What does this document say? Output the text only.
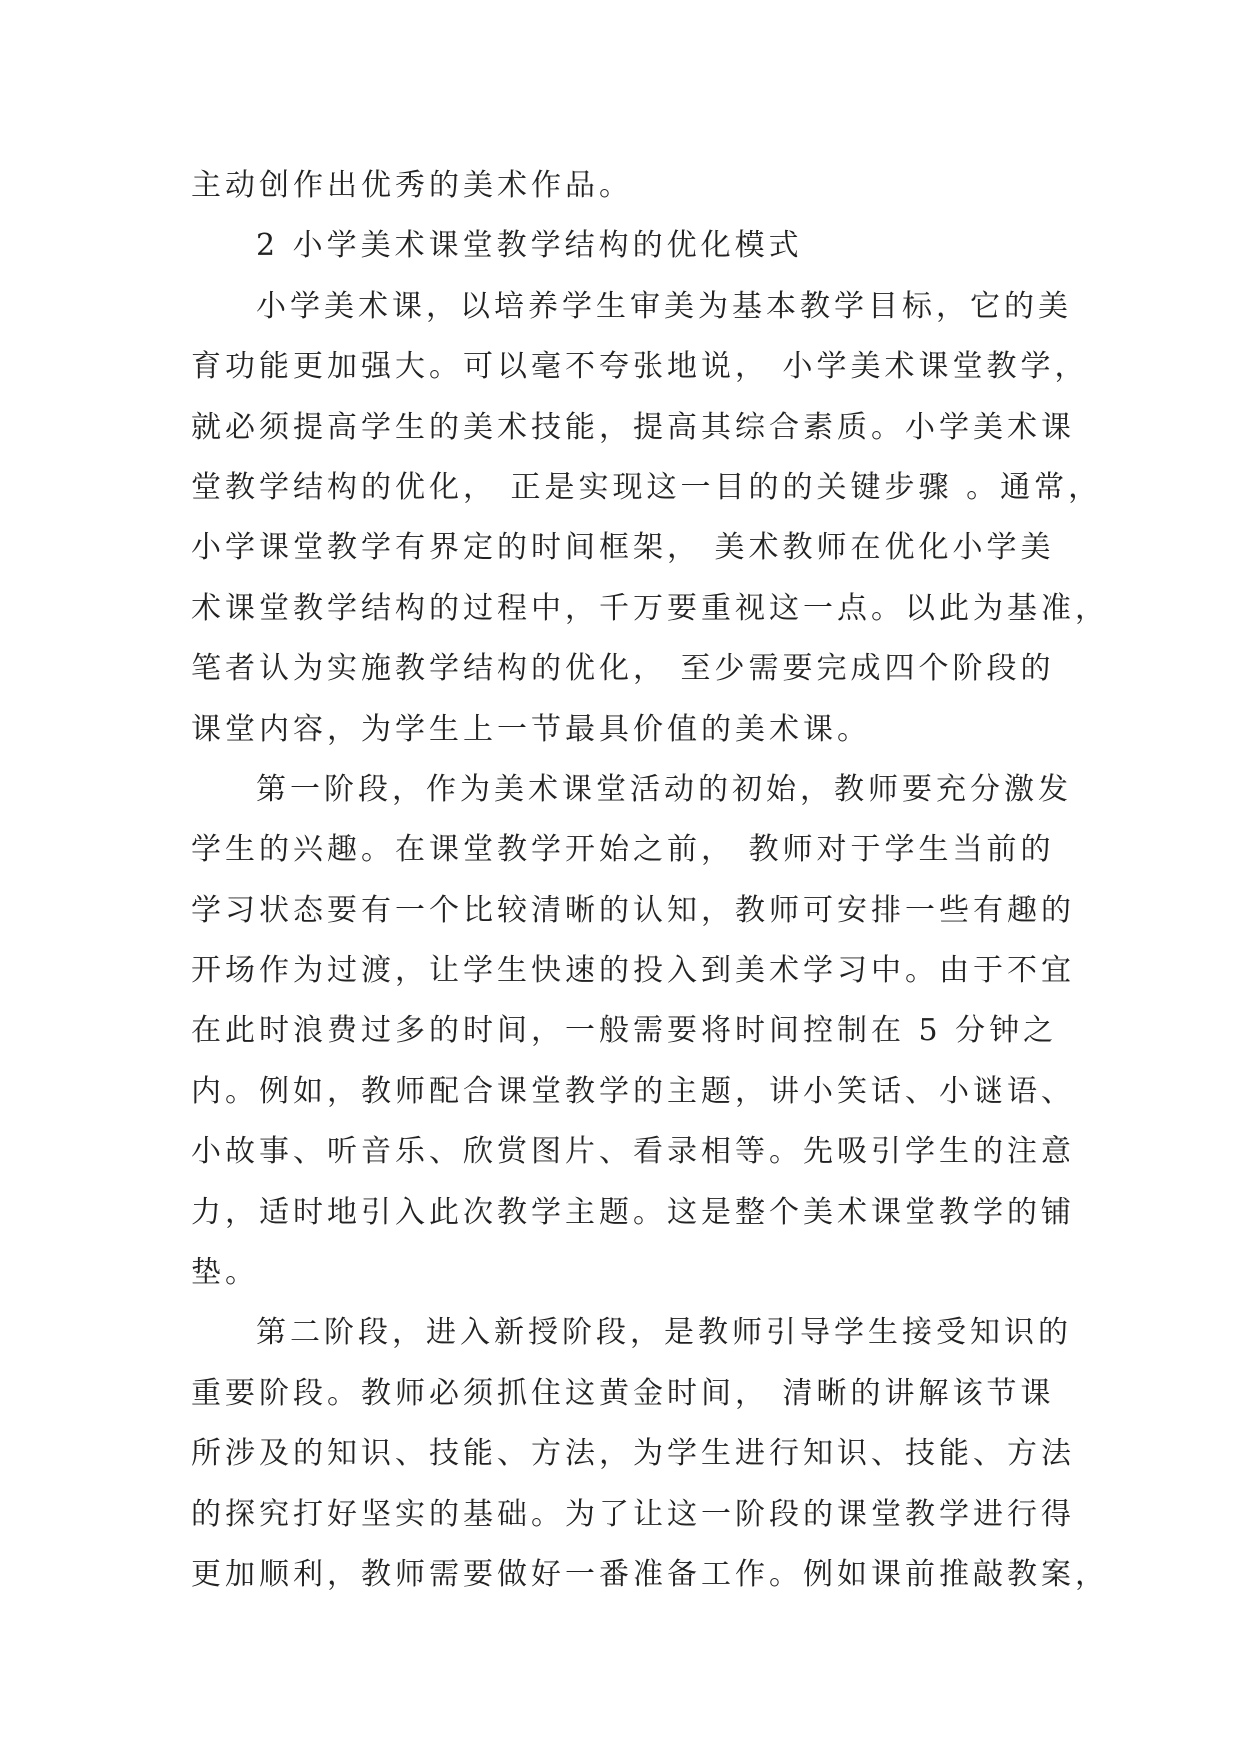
主动创作出优秀的美术作品。
2 小学美术课堂教学结构的优化模式
小学美术课，以培养学生审美为基本教学目标，它的美
育功能更加强大。可以毫不夸张地说， 小学美术课堂教学，
就必须提高学生的美术技能，提高其综合素质。小学美术课
堂教学结构的优化， 正是实现这一目的的关键步骤 。通常，
小学课堂教学有界定的时间框架， 美术教师在优化小学美
术课堂教学结构的过程中，千万要重视这一点。以此为基准，
笔者认为实施教学结构的优化， 至少需要完成四个阶段的
课堂内容，为学生上一节最具价值的美术课。
第一阶段，作为美术课堂活动的初始，教师要充分激发
学生的兴趣。在课堂教学开始之前， 教师对于学生当前的
学习状态要有一个比较清晰的认知，教师可安排一些有趣的
开场作为过渡，让学生快速的投入到美术学习中。由于不宜
在此时浪费过多的时间，一般需要将时间控制在 5 分钟之
内。例如，教师配合课堂教学的主题，讲小笑话、小谜语、
小故事、听音乐、欣赏图片、看录相等。先吸引学生的注意
力，适时地引入此次教学主题。这是整个美术课堂教学的铺
垫。
第二阶段，进入新授阶段，是教师引导学生接受知识的
重要阶段。教师必须抓住这黄金时间， 清晰的讲解该节课
所涉及的知识、技能、方法，为学生进行知识、技能、方法
的探究打好坚实的基础。为了让这一阶段的课堂教学进行得
更加顺利，教师需要做好一番准备工作。例如课前推敲教案，
